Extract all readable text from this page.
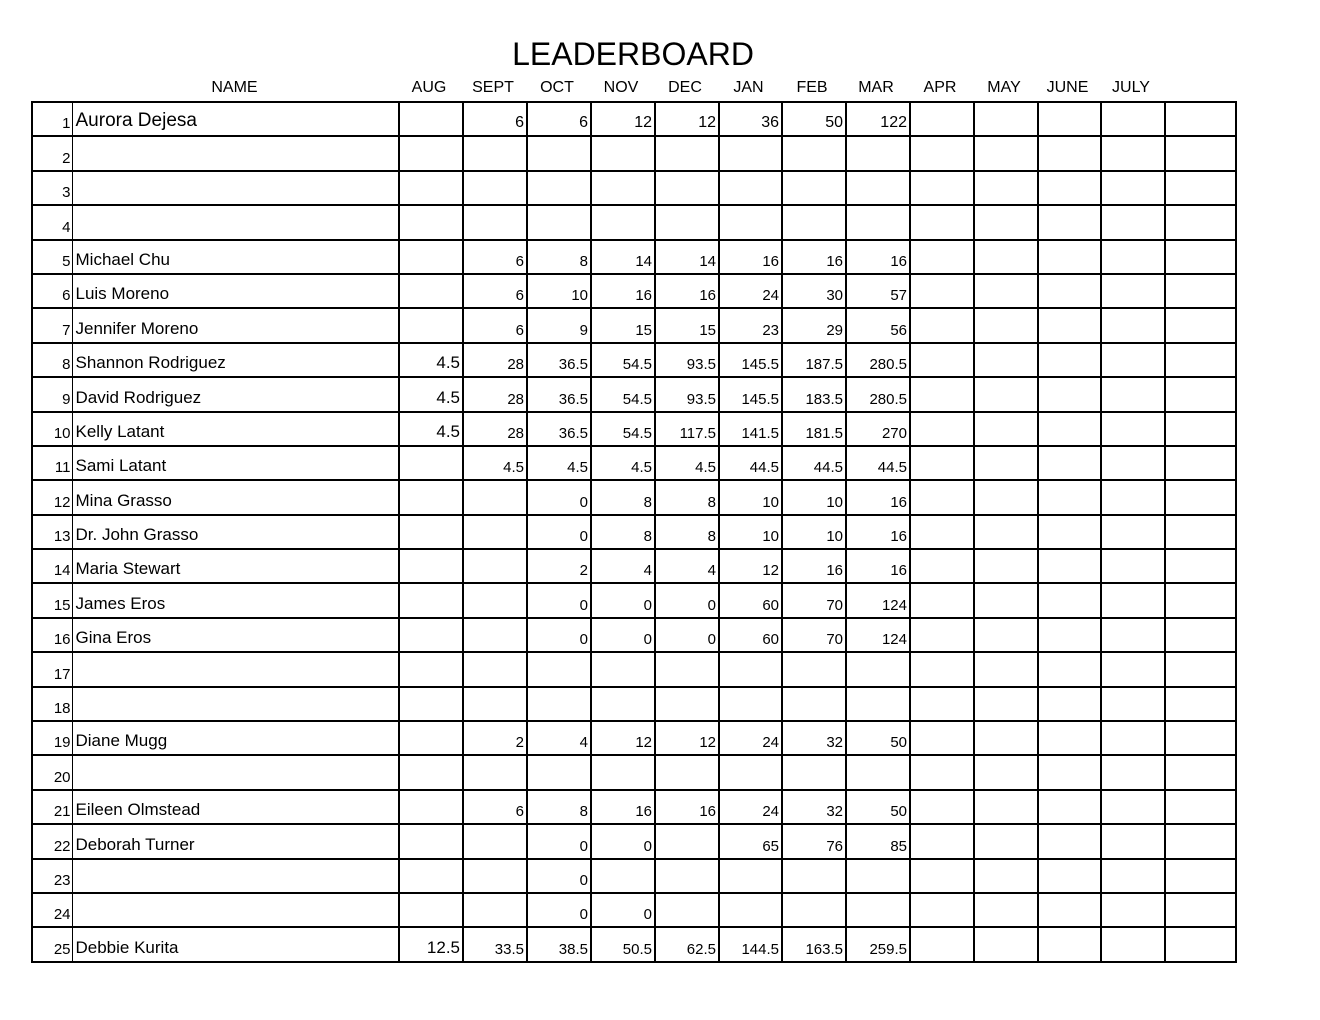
LEADERBOARD
NAME	AUG	SEPT	OCT	NOV	DEC	JAN	FEB	MAR	APR	MAY	JUNE	JULY
1	Aurora Dejesa		6	6	12	12	36	50	122					
2														
3														
4														
5	Michael Chu		6	8	14	14	16	16	16					
6	Luis Moreno		6	10	16	16	24	30	57					
7	Jennifer Moreno		6	9	15	15	23	29	56					
8	Shannon Rodriguez	4.5	28	36.5	54.5	93.5	145.5	187.5	280.5					
9	David Rodriguez	4.5	28	36.5	54.5	93.5	145.5	183.5	280.5					
10	Kelly Latant	4.5	28	36.5	54.5	117.5	141.5	181.5	270					
11	Sami Latant		4.5	4.5	4.5	4.5	44.5	44.5	44.5					
12	Mina Grasso			0	8	8	10	10	16					
13	Dr. John Grasso			0	8	8	10	10	16					
14	Maria Stewart			2	4	4	12	16	16					
15	James Eros			0	0	0	60	70	124					
16	Gina Eros			0	0	0	60	70	124					
17														
18														
19	Diane Mugg		2	4	12	12	24	32	50					
20														
21	Eileen Olmstead		6	8	16	16	24	32	50					
22	Deborah Turner			0	0		65	76	85					
23				0										
24				0	0									
25	Debbie Kurita	12.5	33.5	38.5	50.5	62.5	144.5	163.5	259.5					
